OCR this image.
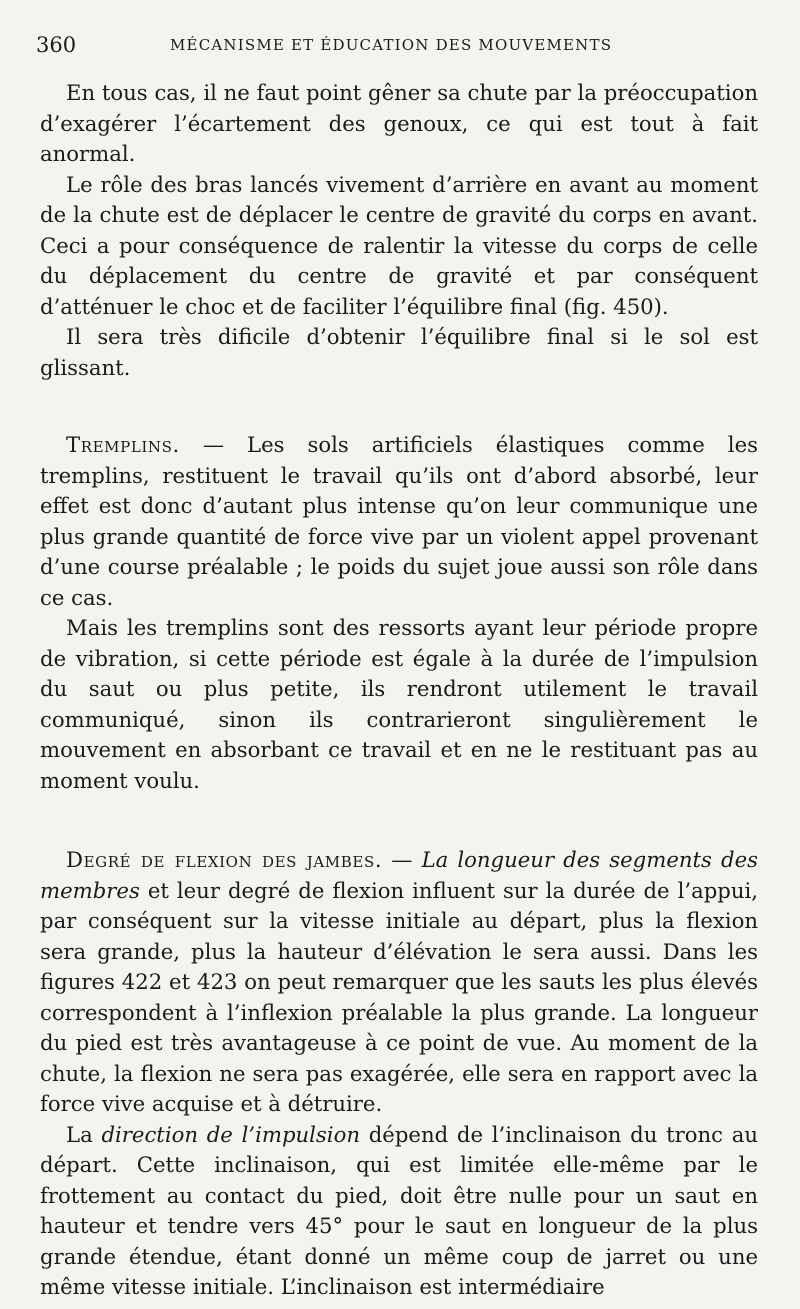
360	MÉCANISME ET ÉDUCATION DES MOUVEMENTS

En tous cas, il ne faut point gêner sa chute par la préoccupation d’exagérer l’écartement des genoux, ce qui est tout à fait anormal.

Le rôle des bras lancés vivement d’arrière en avant au moment de la chute est de déplacer le centre de gravité du corps en avant. Ceci a pour conséquence de ralentir la vitesse du corps de celle du déplacement du centre de gravité et par conséquent d’atténuer le choc et de faciliter l’équilibre final (fig. 450).

Il sera très dificile d’obtenir l’équilibre final si le sol est glissant.

Tremplins. — Les sols artificiels élastiques comme les tremplins, restituent le travail qu’ils ont d’abord absorbé, leur effet est donc d’autant plus intense qu’on leur communique une plus grande quantité de force vive par un violent appel provenant d’une course préalable ; le poids du sujet joue aussi son rôle dans ce cas.

Mais les tremplins sont des ressorts ayant leur période propre de vibration, si cette période est égale à la durée de l’impulsion du saut ou plus petite, ils rendront utilement le travail communiqué, sinon ils contrarieront singulièrement le mouvement en absorbant ce travail et en ne le restituant pas au moment voulu.

Degré de flexion des jambes. — La longueur des segments des membres et leur degré de flexion influent sur la durée de l’appui, par conséquent sur la vitesse initiale au départ, plus la flexion sera grande, plus la hauteur d’élévation le sera aussi. Dans les figures 422 et 423 on peut remarquer que les sauts les plus élevés correspondent à l’inflexion préalable la plus grande. La longueur du pied est très avantageuse à ce point de vue. Au moment de la chute, la flexion ne sera pas exagérée, elle sera en rapport avec la force vive acquise et à détruire.

La direction de l’impulsion dépend de l’inclinaison du tronc au départ. Cette inclinaison, qui est limitée elle-même par le frottement au contact du pied, doit être nulle pour un saut en hauteur et tendre vers 45° pour le saut en longueur de la plus grande étendue, étant donné un même coup de jarret ou une même vitesse initiale. L’inclinaison est intermédiaire
